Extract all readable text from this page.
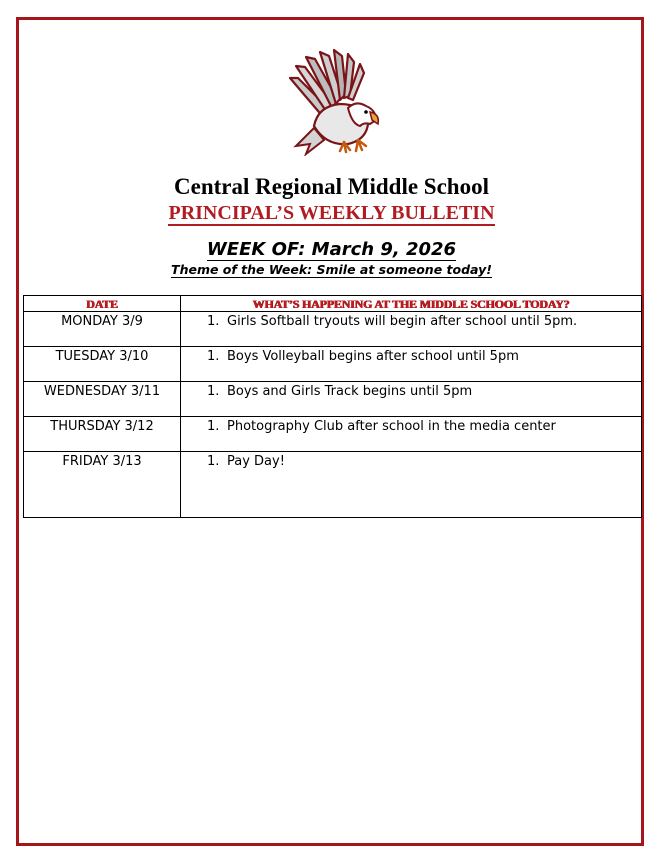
Central Regional Middle School
PRINCIPAL’S WEEKLY BULLETIN
WEEK OF: March 9, 2026
Theme of the Week: Smile at someone today!
DATE	WHAT’S HAPPENING AT THE MIDDLE SCHOOL TODAY?
MONDAY 3/9	1. Girls Softball tryouts will begin after school until 5pm.
TUESDAY 3/10	1. Boys Volleyball begins after school until 5pm
WEDNESDAY 3/11	1. Boys and Girls Track begins until 5pm
THURSDAY 3/12	1. Photography Club after school in the media center
FRIDAY 3/13	1. Pay Day!
